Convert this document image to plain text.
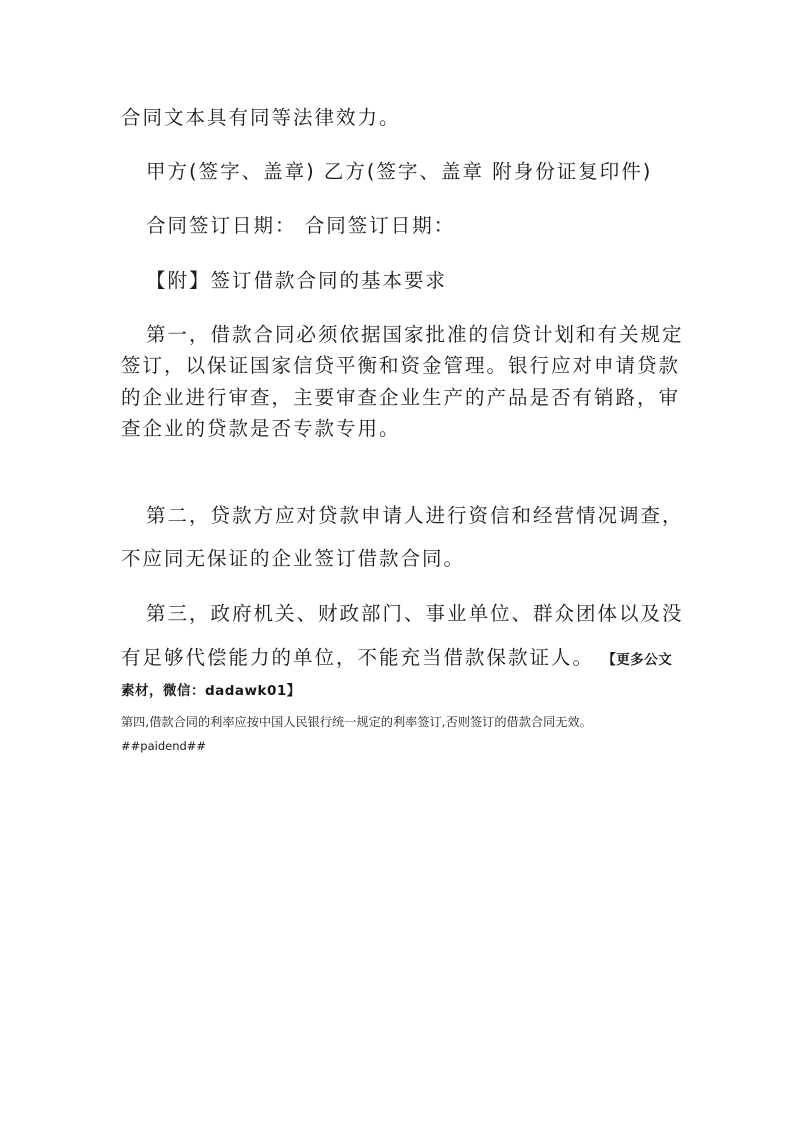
合同文本具有同等法律效力。
甲方(签字、盖章) 乙方(签字、盖章 附身份证复印件)
合同签订日期： 合同签订日期：
【附】签订借款合同的基本要求
第一，借款合同必须依据国家批准的信贷计划和有关规定
签订，以保证国家信贷平衡和资金管理。银行应对申请贷款
的企业进行审查，主要审查企业生产的产品是否有销路，审
查企业的贷款是否专款专用。
第二，贷款方应对贷款申请人进行资信和经营情况调查，
不应同无保证的企业签订借款合同。
第三，政府机关、财政部门、事业单位、群众团体以及没
有足够代偿能力的单位，不能充当借款保款证人。 【更多公文
素材，微信：dadawk01】
第四,借款合同的利率应按中国人民银行统一规定的利率签订,否则签订的借款合同无效。
##paidend##
